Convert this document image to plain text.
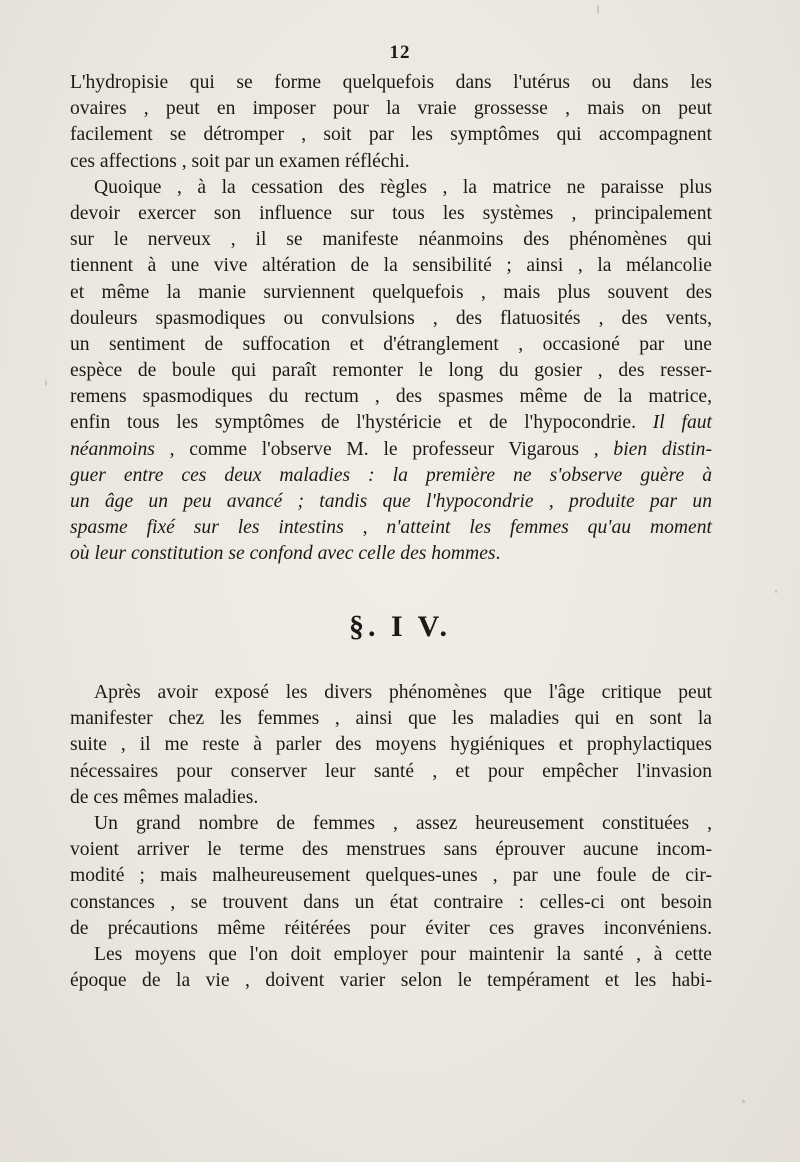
12
L'hydropisie qui se forme quelquefois dans l'utérus ou dans les
ovaires , peut en imposer pour la vraie grossesse , mais on peut
facilement se détromper , soit par les symptômes qui accompagnent
ces affections , soit par un examen réfléchi.
Quoique , à la cessation des règles , la matrice ne paraisse plus
devoir exercer son influence sur tous les systèmes , principalement
sur le nerveux , il se manifeste néanmoins des phénomènes qui
tiennent à une vive altération de la sensibilité ; ainsi , la mélancolie
et même la manie surviennent quelquefois , mais plus souvent des
douleurs spasmodiques ou convulsions , des flatuosités , des vents,
un sentiment de suffocation et d'étranglement , occasioné par une
espèce de boule qui paraît remonter le long du gosier , des resser-
remens spasmodiques du rectum , des spasmes même de la matrice,
enfin tous les symptômes de l'hystéricie et de l'hypocondrie. Il faut
néanmoins , comme l'observe M. le professeur Vigarous , bien distin-
guer entre ces deux maladies : la première ne s'observe guère à
un âge un peu avancé ; tandis que l'hypocondrie , produite par un
spasme fixé sur les intestins , n'atteint les femmes qu'au moment
où leur constitution se confond avec celle des hommes.
§. I V.
Après avoir exposé les divers phénomènes que l'âge critique peut
manifester chez les femmes , ainsi que les maladies qui en sont la
suite , il me reste à parler des moyens hygiéniques et prophylactiques
nécessaires pour conserver leur santé , et pour empêcher l'invasion
de ces mêmes maladies.
Un grand nombre de femmes , assez heureusement constituées ,
voient arriver le terme des menstrues sans éprouver aucune incom-
modité ; mais malheureusement quelques-unes , par une foule de cir-
constances , se trouvent dans un état contraire : celles-ci ont besoin
de précautions même réitérées pour éviter ces graves inconvéniens.
Les moyens que l'on doit employer pour maintenir la santé , à cette
époque de la vie , doivent varier selon le tempérament et les habi-
